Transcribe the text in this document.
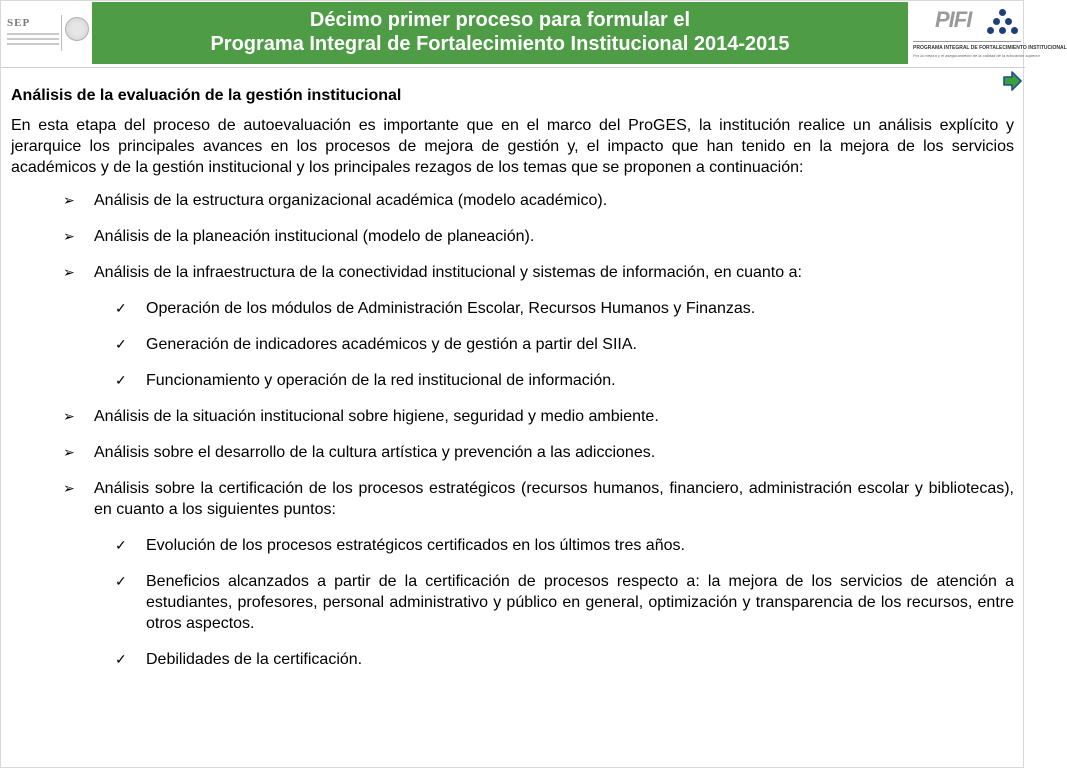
SEP	Décimo primer proceso para formular el
Programa Integral de Fortalecimiento Institucional 2014-2015
PIFI
PROGRAMA INTEGRAL DE FORTALECIMIENTO INSTITUCIONAL
Por la mejora y el aseguramiento de la calidad de la educación superior

Análisis de la evaluación de la gestión institucional

En esta etapa del proceso de autoevaluación es importante que en el marco del ProGES, la institución realice un análisis explícito y jerarquice los principales avances en los procesos de mejora de gestión y, el impacto que han tenido en la mejora de los servicios académicos y de la gestión institucional y los principales rezagos de los temas que se proponen a continuación:

➢ Análisis de la estructura organizacional académica (modelo académico).
➢ Análisis de la planeación institucional (modelo de planeación).
➢ Análisis de la infraestructura de la conectividad institucional y sistemas de información, en cuanto a:
✓ Operación de los módulos de Administración Escolar, Recursos Humanos y Finanzas.
✓ Generación de indicadores académicos y de gestión a partir del SIIA.
✓ Funcionamiento y operación de la red institucional de información.
➢ Análisis de la situación institucional sobre higiene, seguridad y medio ambiente.
➢ Análisis sobre el desarrollo de la cultura artística y prevención a las adicciones.
➢ Análisis sobre la certificación de los procesos estratégicos (recursos humanos, financiero, administración escolar y bibliotecas), en cuanto a los siguientes puntos:
✓ Evolución de los procesos estratégicos certificados en los últimos tres años.
✓ Beneficios alcanzados a partir de la certificación de procesos respecto a: la mejora de los servicios de atención a estudiantes, profesores, personal administrativo y público en general, optimización y transparencia de los recursos, entre otros aspectos.
✓ Debilidades de la certificación.
